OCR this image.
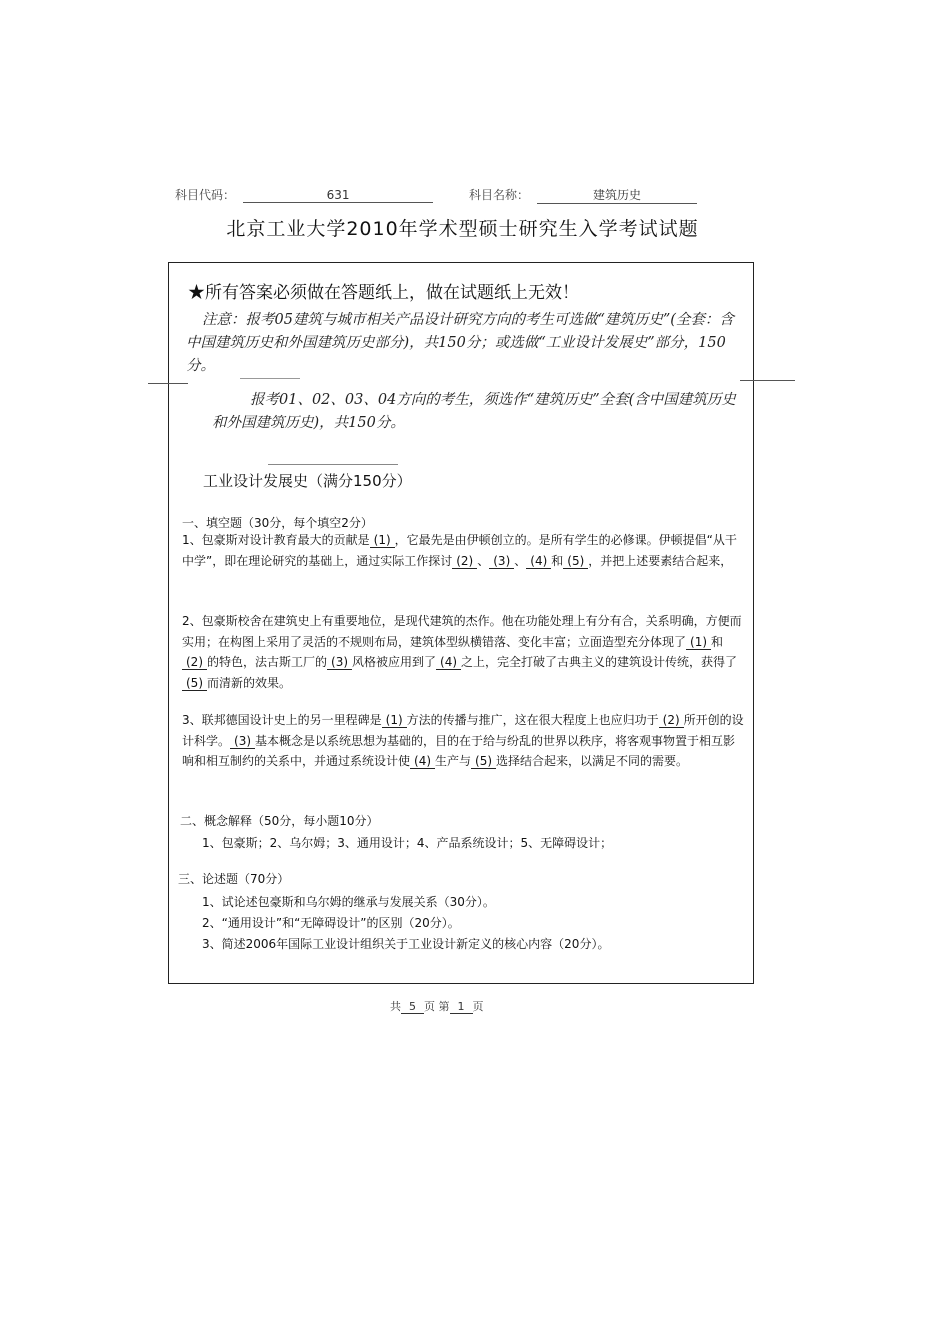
科目代码：	631	科目名称：	建筑历史
北京工业大学2010年学术型硕士研究生入学考试试题
★所有答案必须做在答题纸上，做在试题纸上无效！
注意：报考05建筑与城市相关产品设计研究方向的考生可选做“建筑历史”(全套：含中国建筑历史和外国建筑历史部分)，共150分；或选做“工业设计发展史”部分，150分。
报考01、02、03、04方向的考生，须选作“建筑历史”全套(含中国建筑历史和外国建筑历史)，共150分。
工业设计发展史（满分150分）
一、填空题（30分，每个填空2分）
1、包豪斯对设计教育最大的贡献是 (1) ，它最先是由伊顿创立的。是所有学生的必修课。伊顿提倡“从干中学”，即在理论研究的基础上，通过实际工作探讨 (2) 、 (3) 、 (4) 和 (5) ，并把上述要素结合起来，
2、包豪斯校舍在建筑史上有重要地位，是现代建筑的杰作。他在功能处理上有分有合，关系明确，方便而实用；在构图上采用了灵活的不规则布局，建筑体型纵横错落、变化丰富；立面造型充分体现了 (1) 和(2) 的特色，法古斯工厂的 (3) 风格被应用到了 (4) 之上，完全打破了古典主义的建筑设计传统，获得了(5) 而清新的效果。
3、联邦德国设计史上的另一里程碑是 (1) 方法的传播与推广，这在很大程度上也应归功于 (2) 所开创的设计科学。 (3) 基本概念是以系统思想为基础的，目的在于给与纷乱的世界以秩序，将客观事物置于相互影响和相互制约的关系中，并通过系统设计使 (4) 生产与 (5) 选择结合起来，以满足不同的需要。
二、概念解释（50分，每小题10分）
1、包豪斯；2、乌尔姆；3、通用设计；4、产品系统设计；5、无障碍设计；
三、论述题（70分）
1、试论述包豪斯和乌尔姆的继承与发展关系（30分）。
2、“通用设计”和“无障碍设计”的区别（20分）。
3、简述2006年国际工业设计组织关于工业设计新定义的核心内容（20分）。
共 5 页 第 1 页
